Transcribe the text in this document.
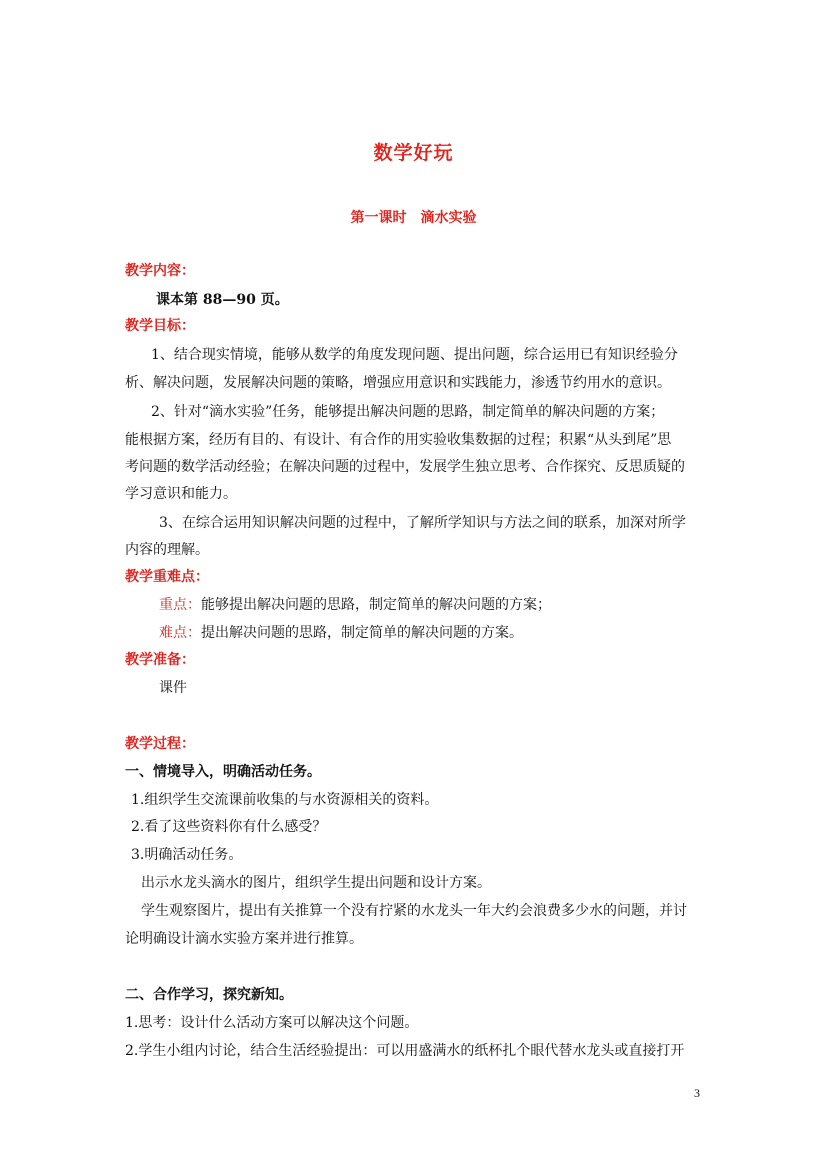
数学好玩
第一课时　滴水实验
教学内容：
课本第 88—90 页。
教学目标：
1、结合现实情境，能够从数学的角度发现问题、提出问题，综合运用已有知识经验分
析、解决问题，发展解决问题的策略，增强应用意识和实践能力，渗透节约用水的意识。
2、针对“滴水实验”任务，能够提出解决问题的思路，制定简单的解决问题的方案；
能根据方案，经历有目的、有设计、有合作的用实验收集数据的过程；积累“从头到尾”思
考问题的数学活动经验；在解决问题的过程中，发展学生独立思考、合作探究、反思质疑的
学习意识和能力。
3、在综合运用知识解决问题的过程中，了解所学知识与方法之间的联系，加深对所学
内容的理解。
教学重难点：
重点：能够提出解决问题的思路，制定简单的解决问题的方案；
难点：提出解决问题的思路，制定简单的解决问题的方案。
教学准备：
课件
教学过程：
一、情境导入，明确活动任务。
1.组织学生交流课前收集的与水资源相关的资料。
2.看了这些资料你有什么感受？
3.明确活动任务。
出示水龙头滴水的图片，组织学生提出问题和设计方案。
学生观察图片，提出有关推算一个没有拧紧的水龙头一年大约会浪费多少水的问题，并讨
论明确设计滴水实验方案并进行推算。
二、合作学习，探究新知。
1.思考：设计什么活动方案可以解决这个问题。
2.学生小组内讨论，结合生活经验提出：可以用盛满水的纸杯扎个眼代替水龙头或直接打开
3
